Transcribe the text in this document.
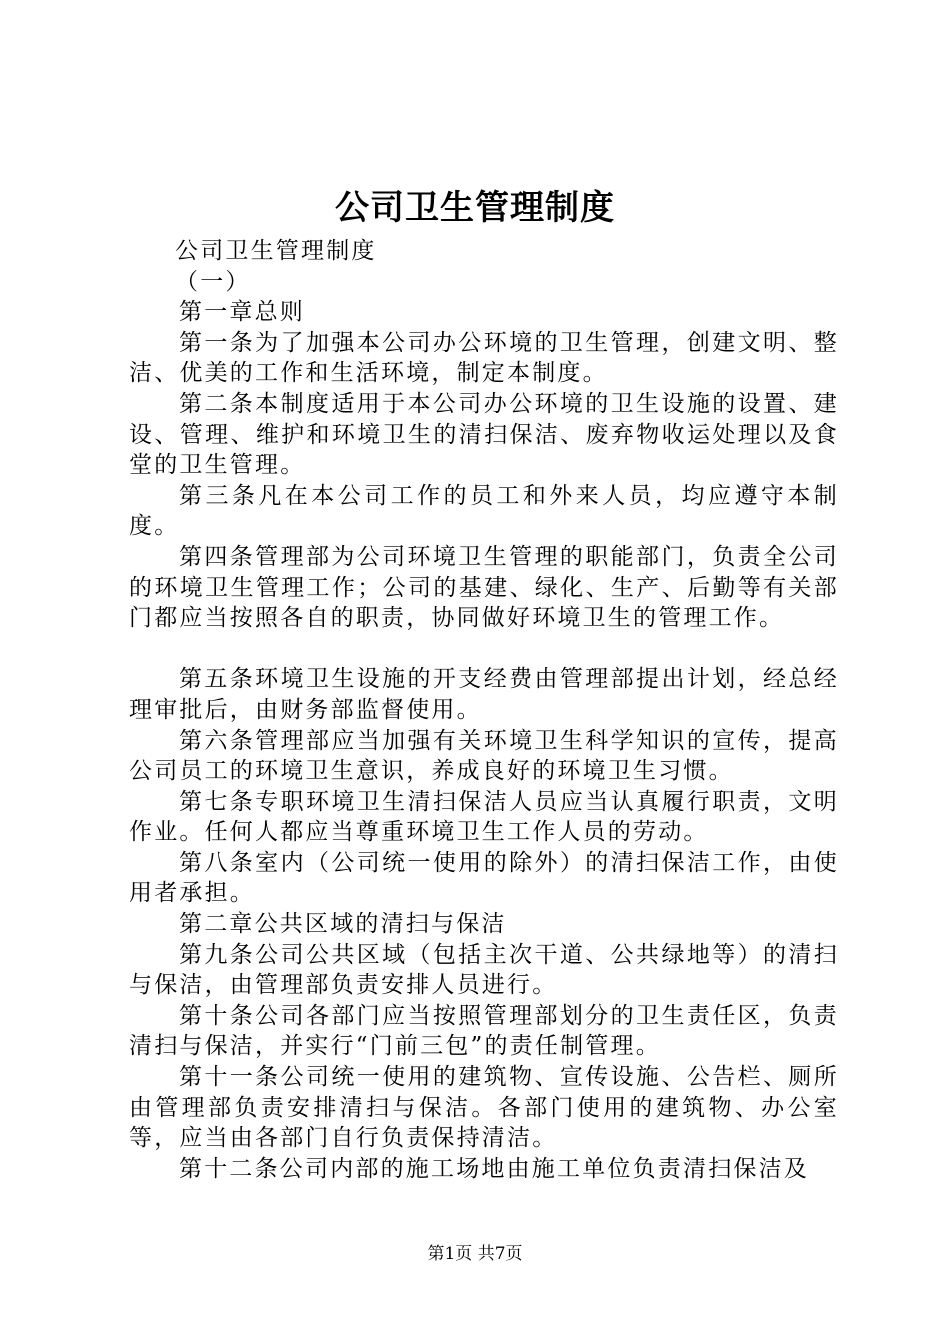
公司卫生管理制度

公司卫生管理制度

（一）

第一章总则

第一条为了加强本公司办公环境的卫生管理，创建文明、整洁、优美的工作和生活环境，制定本制度。

第二条本制度适用于本公司办公环境的卫生设施的设置、建设、管理、维护和环境卫生的清扫保洁、废弃物收运处理以及食堂的卫生管理。

第三条凡在本公司工作的员工和外来人员，均应遵守本制度。

第四条管理部为公司环境卫生管理的职能部门，负责全公司的环境卫生管理工作；公司的基建、绿化、生产、后勤等有关部门都应当按照各自的职责，协同做好环境卫生的管理工作。

第五条环境卫生设施的开支经费由管理部提出计划，经总经理审批后，由财务部监督使用。

第六条管理部应当加强有关环境卫生科学知识的宣传，提高公司员工的环境卫生意识，养成良好的环境卫生习惯。

第七条专职环境卫生清扫保洁人员应当认真履行职责，文明作业。任何人都应当尊重环境卫生工作人员的劳动。

第八条室内（公司统一使用的除外）的清扫保洁工作，由使用者承担。

第二章公共区域的清扫与保洁

第九条公司公共区域（包括主次干道、公共绿地等）的清扫与保洁，由管理部负责安排人员进行。

第十条公司各部门应当按照管理部划分的卫生责任区，负责清扫与保洁，并实行“门前三包”的责任制管理。

第十一条公司统一使用的建筑物、宣传设施、公告栏、厕所由管理部负责安排清扫与保洁。各部门使用的建筑物、办公室等，应当由各部门自行负责保持清洁。

第十二条公司内部的施工场地由施工单位负责清扫保洁及

第1页 共7页
